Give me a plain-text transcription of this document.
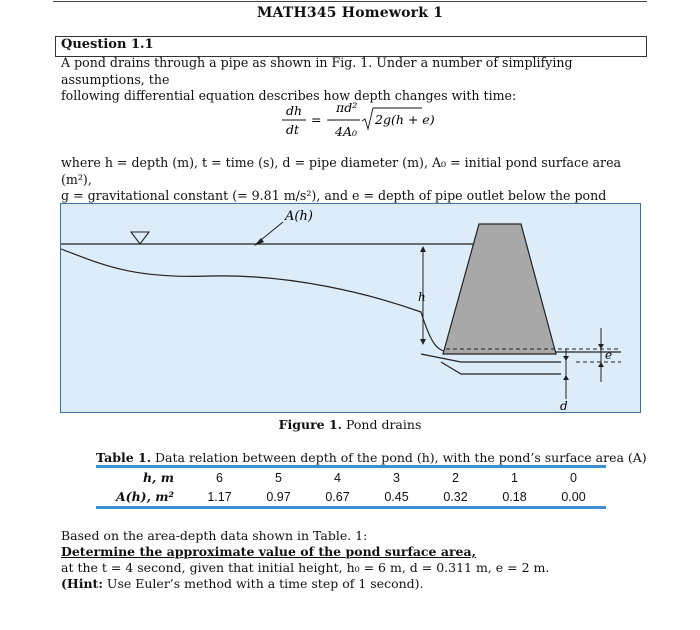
MATH345 Homework 1
Question 1.1
A pond drains through a pipe as shown in Fig. 1. Under a number of simplifying assumptions, the
following differential equation describes how depth changes with time:
dh
dt
= −
πd²
4A₀
2g(h + e)
where h = depth (m), t = time (s), d = pipe diameter (m), A₀ = initial pond surface area (m²),
g = gravitational constant (= 9.81 m/s²), and e = depth of pipe outlet below the pond
A(h)
h
e
d
Figure 1. Pond drains
Table 1. Data relation between depth of the pond (h), with the pond’s surface area (A)
h, m	6	5	4	3	2	1	0
A(h), m²	1.17	0.97	0.67	0.45	0.32	0.18	0.00
Based on the area-depth data shown in Table. 1:
Determine the approximate value of the pond surface area,
at the t = 4 second, given that initial height, h₀ = 6 m, d = 0.311 m, e = 2 m.
(Hint: Use Euler’s method with a time step of 1 second).
